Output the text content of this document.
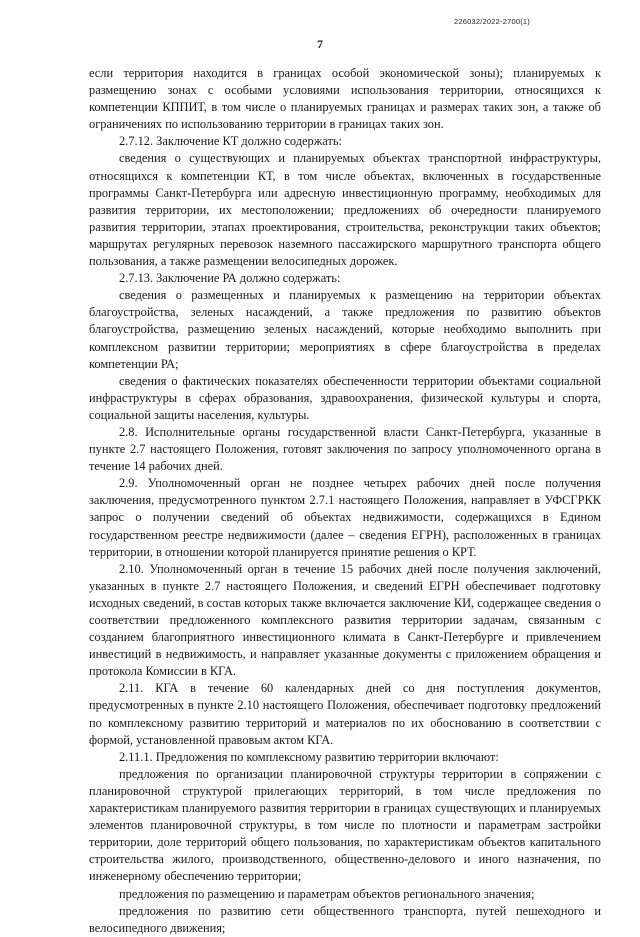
226032/2022-2700(1)
7

если территория находится в границах особой экономической зоны); планируемых к размещению зонах с особыми условиями использования территории, относящихся к компетенции КППИТ, в том числе о планируемых границах и размерах таких зон, а также об ограничениях по использованию территории в границах таких зон.

2.7.12. Заключение КТ должно содержать:

сведения о существующих и планируемых объектах транспортной инфраструктуры, относящихся к компетенции КТ, в том числе объектах, включенных в государственные программы Санкт-Петербурга или адресную инвестиционную программу, необходимых для развития территории, их местоположении; предложениях об очередности планируемого развития территории, этапах проектирования, строительства, реконструкции таких объектов; маршрутах регулярных перевозок наземного пассажирского маршрутного транспорта общего пользования, а также размещении велосипедных дорожек.

2.7.13. Заключение РА должно содержать:

сведения о размещенных и планируемых к размещению на территории объектах благоустройства, зеленых насаждений, а также предложения по развитию объектов благоустройства, размещению зеленых насаждений, которые необходимо выполнить при комплексном развитии территории; мероприятиях в сфере благоустройства в пределах компетенции РА;

сведения о фактических показателях обеспеченности территории объектами социальной инфраструктуры в сферах образования, здравоохранения, физической культуры и спорта, социальной защиты населения, культуры.

2.8. Исполнительные органы государственной власти Санкт-Петербурга, указанные в пункте 2.7 настоящего Положения, готовят заключения по запросу уполномоченного органа в течение 14 рабочих дней.

2.9. Уполномоченный орган не позднее четырех рабочих дней после получения заключения, предусмотренного пунктом 2.7.1 настоящего Положения, направляет в УФСГРКК запрос о получении сведений об объектах недвижимости, содержащихся в Едином государственном реестре недвижимости (далее – сведения ЕГРН), расположенных в границах территории, в отношении которой планируется принятие решения о КРТ.

2.10. Уполномоченный орган в течение 15 рабочих дней после получения заключений, указанных в пункте 2.7 настоящего Положения, и сведений ЕГРН обеспечивает подготовку исходных сведений, в состав которых также включается заключение КИ, содержащее сведения о соответствии предложенного комплексного развития территории задачам, связанным с созданием благоприятного инвестиционного климата в Санкт-Петербурге и привлечением инвестиций в недвижимость, и направляет указанные документы с приложением обращения и протокола Комиссии в КГА.

2.11. КГА в течение 60 календарных дней со дня поступления документов, предусмотренных в пункте 2.10 настоящего Положения, обеспечивает подготовку предложений по комплексному развитию территорий и материалов по их обоснованию в соответствии с формой, установленной правовым актом КГА.

2.11.1. Предложения по комплексному развитию территории включают:

предложения по организации планировочной структуры территории в сопряжении с планировочной структурой прилегающих территорий, в том числе предложения по характеристикам планируемого развития территории в границах существующих и планируемых элементов планировочной структуры, в том числе по плотности и параметрам застройки территории, доле территорий общего пользования, по характеристикам объектов капитального строительства жилого, производственного, общественно-делового и иного назначения, по инженерному обеспечению территории;

предложения по размещению и параметрам объектов регионального значения;

предложения по развитию сети общественного транспорта, путей пешеходного и велосипедного движения;
